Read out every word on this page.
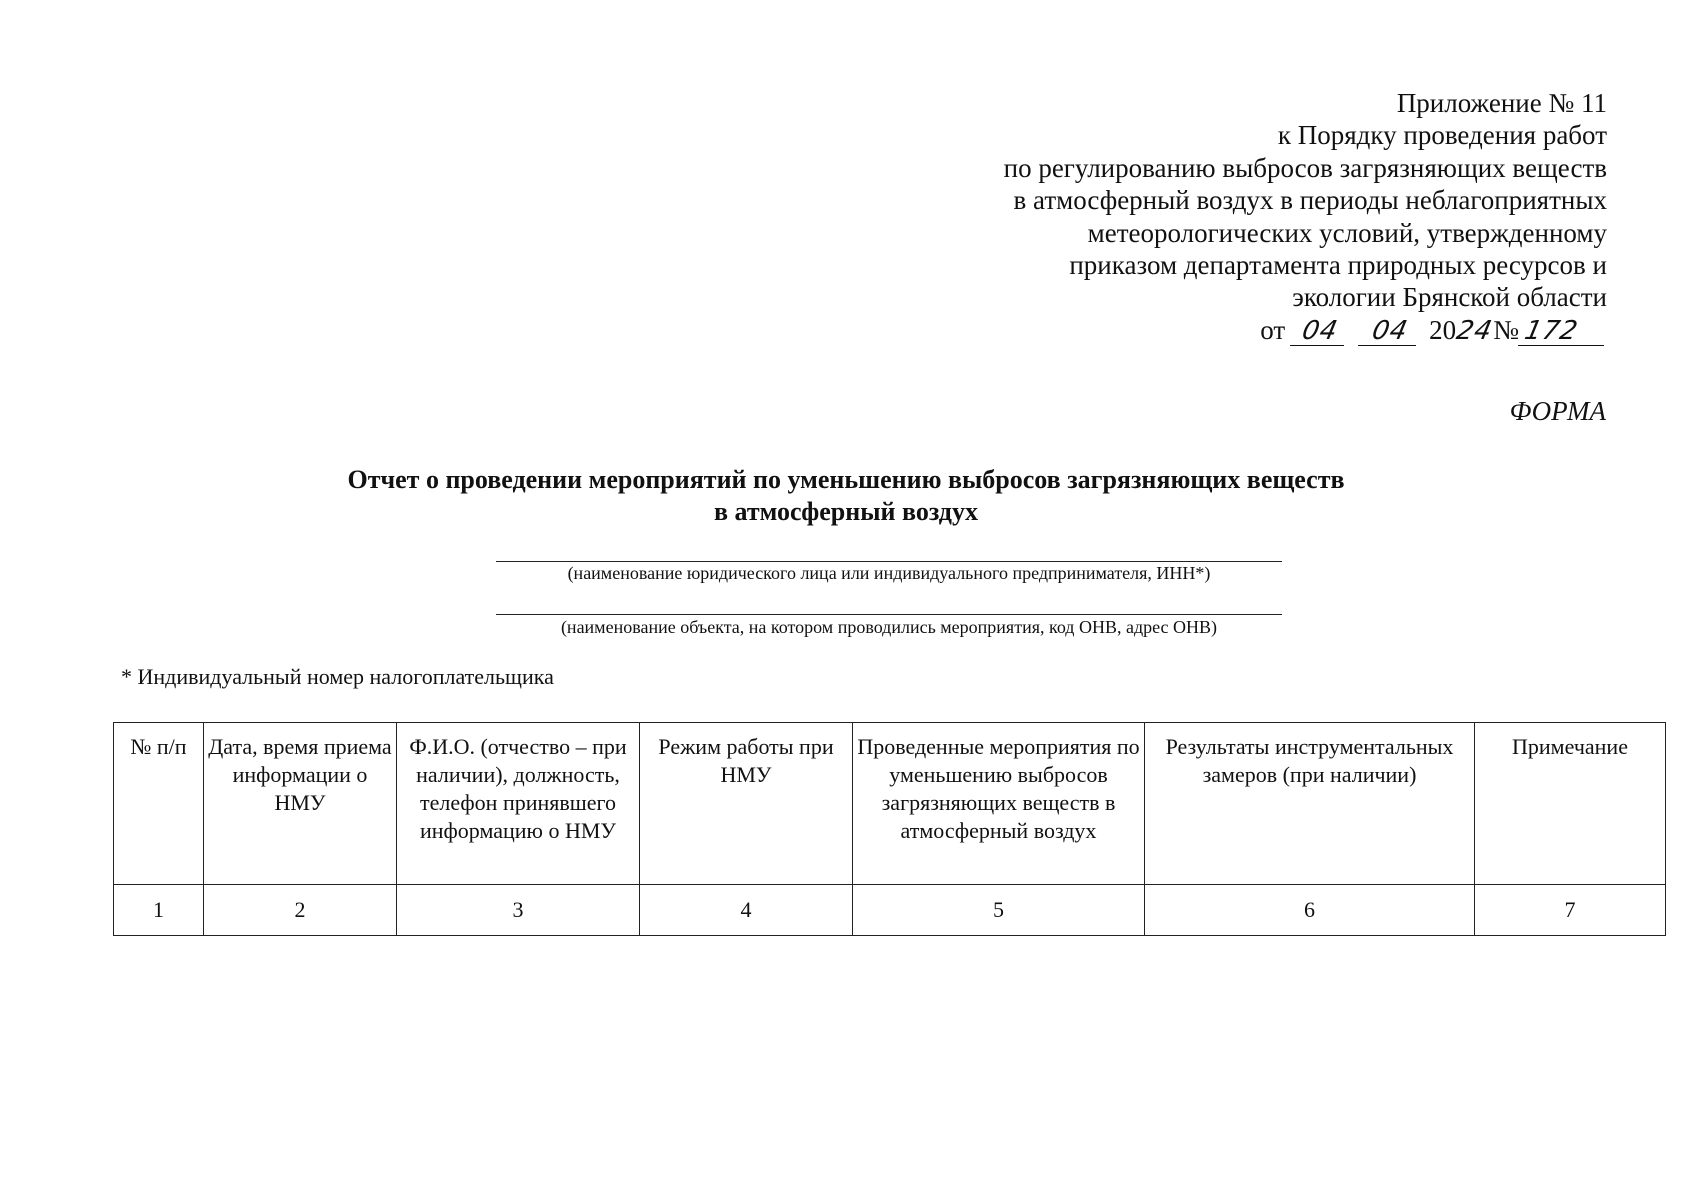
Приложение № 11
к Порядку проведения работ
по регулированию выбросов загрязняющих веществ
в атмосферный воздух в периоды неблагоприятных
метеорологических условий, утвержденному
приказом департамента природных ресурсов и
экологии Брянской области
от 04	04 20
24
№ 172
ФОРМА
Отчет о проведении мероприятий по уменьшению выбросов загрязняющих веществ
в атмосферный воздух
(наименование юридического лица или индивидуального предпринимателя, ИНН*)
(наименование объекта, на котором проводились мероприятия, код ОНВ, адрес ОНВ)
* Индивидуальный номер налогоплательщика
№ п/п	Дата, время приема информации о НМУ	Ф.И.О. (отчество – при наличии), должность, телефон принявшего информацию о НМУ	Режим работы при НМУ	Проведенные мероприятия по уменьшению выбросов загрязняющих веществ в атмосферный воздух	Результаты инструментальных замеров (при наличии)	Примечание
1	2	3	4	5	6	7
